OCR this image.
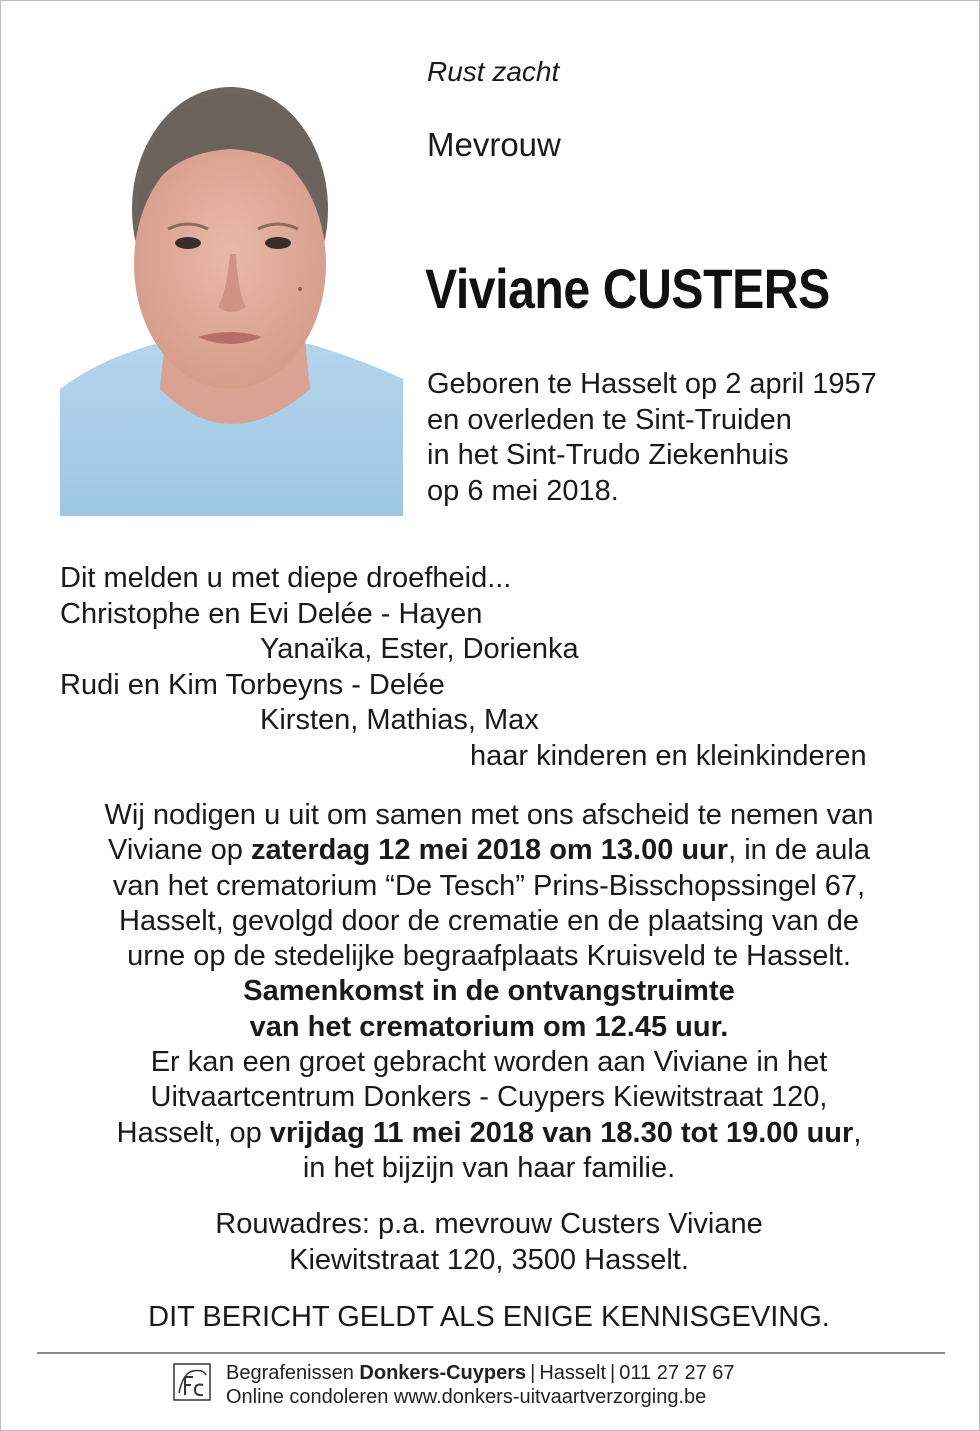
Rust zacht
Mevrouw
Viviane CUSTERS
Geboren te Hasselt op 2 april 1957
en overleden te Sint-Truiden
in het Sint-Trudo Ziekenhuis
op 6 mei 2018.
Dit melden u met diepe droefheid...
Christophe en Evi Delée - Hayen
Yanaïka, Ester, Dorienka
Rudi en Kim Torbeyns - Delée
Kirsten, Mathias, Max
haar kinderen en kleinkinderen
Wij nodigen u uit om samen met ons afscheid te nemen van
Viviane op zaterdag 12 mei 2018 om 13.00 uur, in de aula
van het crematorium “De Tesch” Prins-Bisschopssingel 67,
Hasselt, gevolgd door de crematie en de plaatsing van de
urne op de stedelijke begraafplaats Kruisveld te Hasselt.
Samenkomst in de ontvangstruimte
van het crematorium om 12.45 uur.
Er kan een groet gebracht worden aan Viviane in het
Uitvaartcentrum Donkers - Cuypers Kiewitstraat 120,
Hasselt, op vrijdag 11 mei 2018 van 18.30 tot 19.00 uur,
in het bijzijn van haar familie.
Rouwadres: p.a. mevrouw Custers Viviane
Kiewitstraat 120, 3500 Hasselt.
DIT BERICHT GELDT ALS ENIGE KENNISGEVING.
Begrafenissen Donkers-Cuypers | Hasselt | 011 27 27 67
Online condoleren www.donkers-uitvaartverzorging.be
